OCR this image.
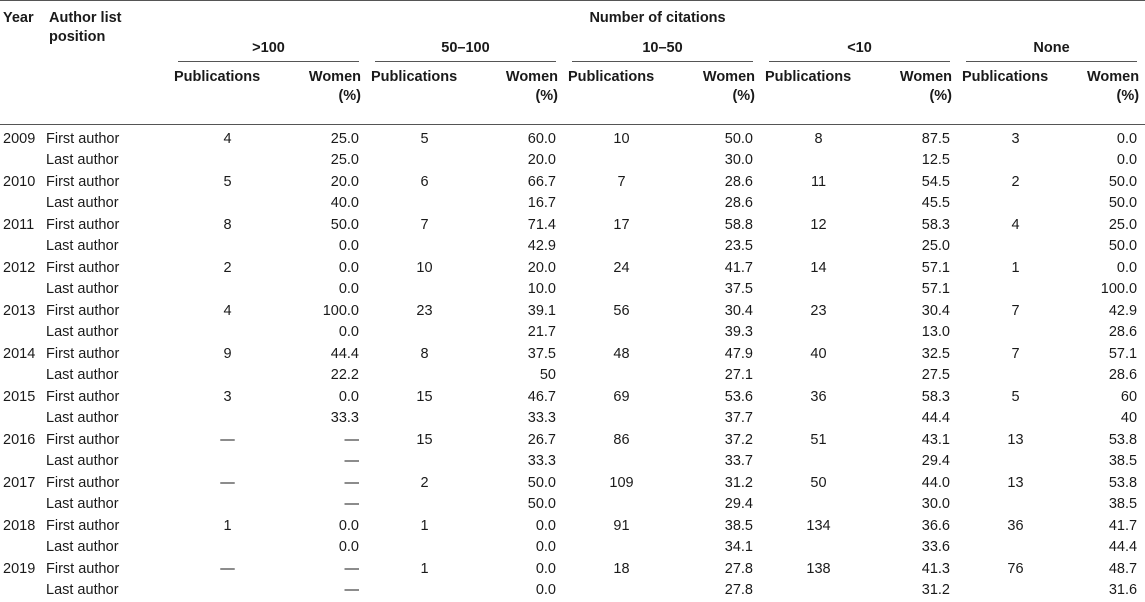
Year	Author list position	Number of citations									

		>100		50–100		10–50		<10		None	

		Publications	Women (%)	Publications	Women (%)	Publications	Women (%)	Publications	Women (%)	Publications	Women (%)
2009	First author	4	25.0	5	60.0	10	50.0	8	87.5	3	0.0
	Last author		25.0		20.0		30.0		12.5		0.0
2010	First author	5	20.0	6	66.7	7	28.6	11	54.5	2	50.0
	Last author		40.0		16.7		28.6		45.5		50.0
2011	First author	8	50.0	7	71.4	17	58.8	12	58.3	4	25.0
	Last author		0.0		42.9		23.5		25.0		50.0
2012	First author	2	0.0	10	20.0	24	41.7	14	57.1	1	0.0
	Last author		0.0		10.0		37.5		57.1		100.0
2013	First author	4	100.0	23	39.1	56	30.4	23	30.4	7	42.9
	Last author		0.0		21.7		39.3		13.0		28.6
2014	First author	9	44.4	8	37.5	48	47.9	40	32.5	7	57.1
	Last author		22.2		50		27.1		27.5		28.6
2015	First author	3	0.0	15	46.7	69	53.6	36	58.3	5	60
	Last author		33.3		33.3		37.7		44.4		40
2016	First author	—	—	15	26.7	86	37.2	51	43.1	13	53.8
	Last author		—		33.3		33.7		29.4		38.5
2017	First author	—	—	2	50.0	109	31.2	50	44.0	13	53.8
	Last author		—		50.0		29.4		30.0		38.5
2018	First author	1	0.0	1	0.0	91	38.5	134	36.6	36	41.7
	Last author		0.0		0.0		34.1		33.6		44.4
2019	First author	—	—	1	0.0	18	27.8	138	41.3	76	48.7
	Last author		—		0.0		27.8		31.2		31.6
